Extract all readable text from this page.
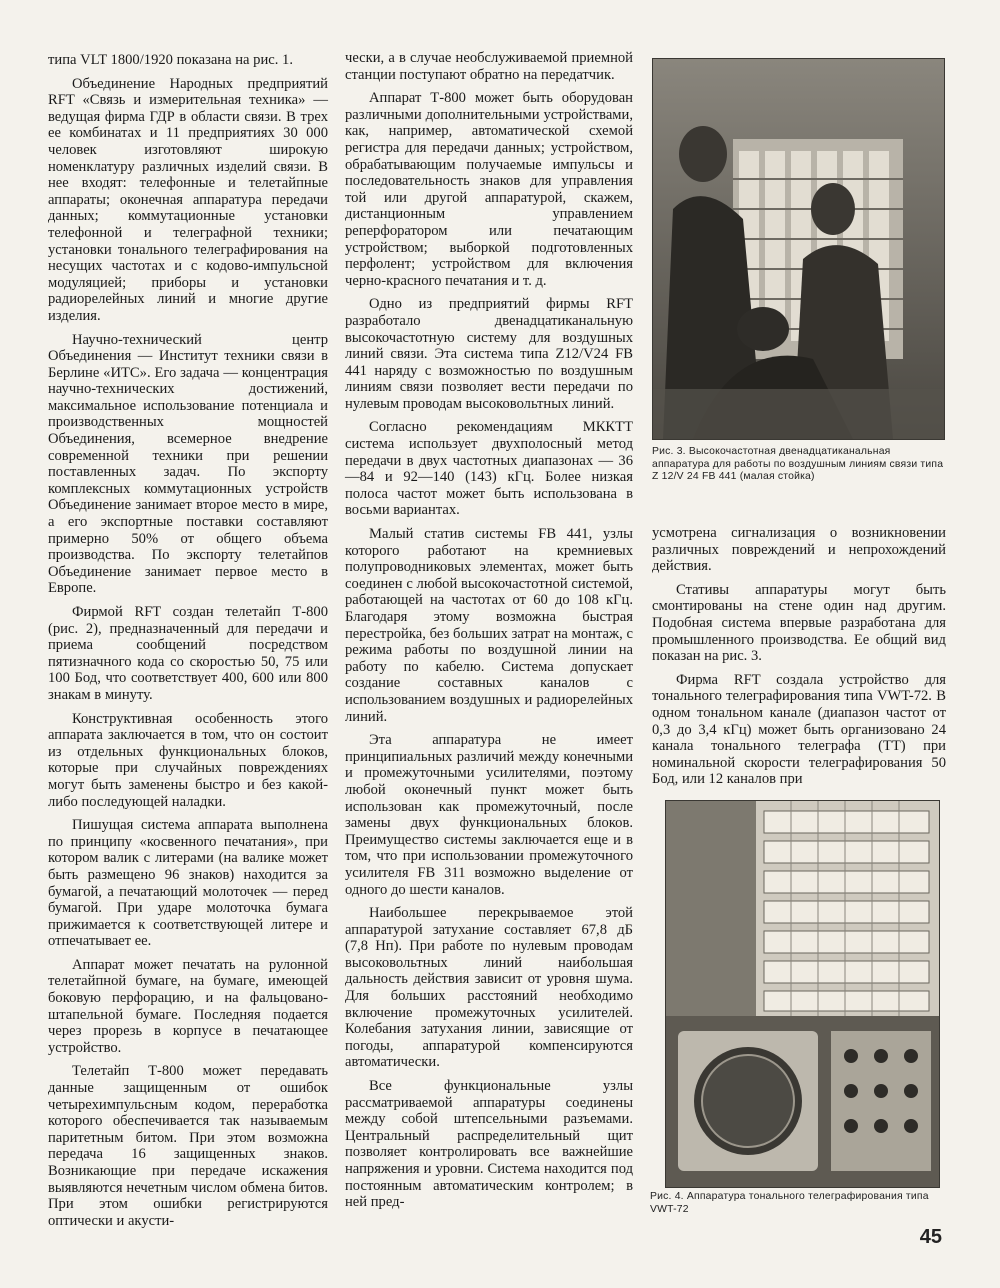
типа VLT 1800/1920 показана на рис. 1.

Объединение Народных предприятий RFT «Связь и измерительная техника» — ведущая фирма ГДР в области связи. В трех ее комбинатах и 11 предприятиях 30 000 человек изготовляют широкую номенклатуру различных изделий связи. В нее входят: телефонные и телетайпные аппараты; оконечная аппаратура передачи данных; коммутационные установки телефонной и телеграфной техники; установки тонального телеграфирования на несущих частотах и с кодово-импульсной модуляцией; приборы и установки радиорелейных линий и многие другие изделия.

Научно-технический центр Объединения — Институт техники связи в Берлине «ИТС». Его задача — концентрация научно-технических достижений, максимальное использование потенциала и производственных мощностей Объединения, всемерное внедрение современной техники при решении поставленных задач. По экспорту комплексных коммутационных устройств Объединение занимает второе место в мире, а его экспортные поставки составляют примерно 50% от общего объема производства. По экспорту телетайпов Объединение занимает первое место в Европе.

Фирмой RFT создан телетайп Т-800 (рис. 2), предназначенный для передачи и приема сообщений посредством пятизначного кода со скоростью 50, 75 или 100 Бод, что соответствует 400, 600 или 800 знакам в минуту.

Конструктивная особенность этого аппарата заключается в том, что он состоит из отдельных функциональных блоков, которые при случайных повреждениях могут быть заменены быстро и без какой-либо последующей наладки.

Пишущая система аппарата выполнена по принципу «косвенного печатания», при котором валик с литерами (на валике может быть размещено 96 знаков) находится за бумагой, а печатающий молоточек — перед бумагой. При ударе молоточка бумага прижимается к соответствующей литере и отпечатывает ее.

Аппарат может печатать на рулонной телетайпной бумаге, на бумаге, имеющей боковую перфорацию, и на фальцовано-штапельной бумаге. Последняя подается через прорезь в корпусе в печатающее устройство.

Телетайп Т-800 может передавать данные защищенным от ошибок четырехимпульсным кодом, переработка которого обеспечивается так называемым паритетным битом. При этом возможна передача 16 защищенных знаков. Возникающие при передаче искажения выявляются нечетным числом обмена битов. При этом ошибки регистрируются оптически и акусти-

чески, а в случае необслуживаемой приемной станции поступают обратно на передатчик.

Аппарат Т-800 может быть оборудован различными дополнительными устройствами, как, например, автоматической схемой регистра для передачи данных; устройством, обрабатывающим получаемые импульсы и последовательность знаков для управления той или другой аппаратурой, скажем, дистанционным управлением реперфоратором или печатающим устройством; выборкой подготовленных перфолент; устройством для включения черно-красного печатания и т. д.

Одно из предприятий фирмы RFT разработало двенадцатиканальную высокочастотную систему для воздушных линий связи. Эта система типа Z12/V24 FB 441 наряду с возможностью по воздушным линиям связи позволяет вести передачи по нулевым проводам высоковольтных линий.

Согласно рекомендациям МККТТ система использует двухполосный метод передачи в двух частотных диапазонах — 36—84 и 92—140 (143) кГц. Более низкая полоса частот может быть использована в восьми вариантах.

Малый статив системы FB 441, узлы которого работают на кремниевых полупроводниковых элементах, может быть соединен с любой высокочастотной системой, работающей на частотах от 60 до 108 кГц. Благодаря этому возможна быстрая перестройка, без больших затрат на монтаж, с режима работы по воздушной линии на работу по кабелю. Система допускает создание составных каналов с использованием воздушных и радиорелейных линий.

Эта аппаратура не имеет принципиальных различий между конечными и промежуточными усилителями, поэтому любой оконечный пункт может быть использован как промежуточный, после замены двух функциональных блоков. Преимущество системы заключается еще и в том, что при использовании промежуточного усилителя FB 311 возможно выделение от одного до шести каналов.

Наибольшее перекрываемое этой аппаратурой затухание составляет 67,8 дБ (7,8 Нп). При работе по нулевым проводам высоковольтных линий наибольшая дальность действия зависит от уровня шума. Для больших расстояний необходимо включение промежуточных усилителей. Колебания затухания линии, зависящие от погоды, аппаратурой компенсируются автоматически.

Все функциональные узлы рассматриваемой аппаратуры соединены между собой штепсельными разъемами. Центральный распределительный щит позволяет контролировать все важнейшие напряжения и уровни. Система находится под постоянным автоматическим контролем; в ней пред-

Рис. 3. Высокочастотная двенадцатиканальная аппаратура для работы по воздушным линиям связи типа Z 12/V 24 FB 441 (малая стойка)

усмотрена сигнализация о возникновении различных повреждений и непрохождений действия.

Стативы аппаратуры могут быть смонтированы на стене один над другим. Подобная система впервые разработана для промышленного производства. Ее общий вид показан на рис. 3.

Фирма RFT создала устройство для тонального телеграфирования типа VWT-72. В одном тональном канале (диапазон частот от 0,3 до 3,4 кГц) может быть организовано 24 канала тонального телеграфа (ТТ) при номинальной скорости телеграфирования 50 Бод, или 12 каналов при

Рис. 4. Аппаратура тонального телеграфирования типа VWT-72
45
